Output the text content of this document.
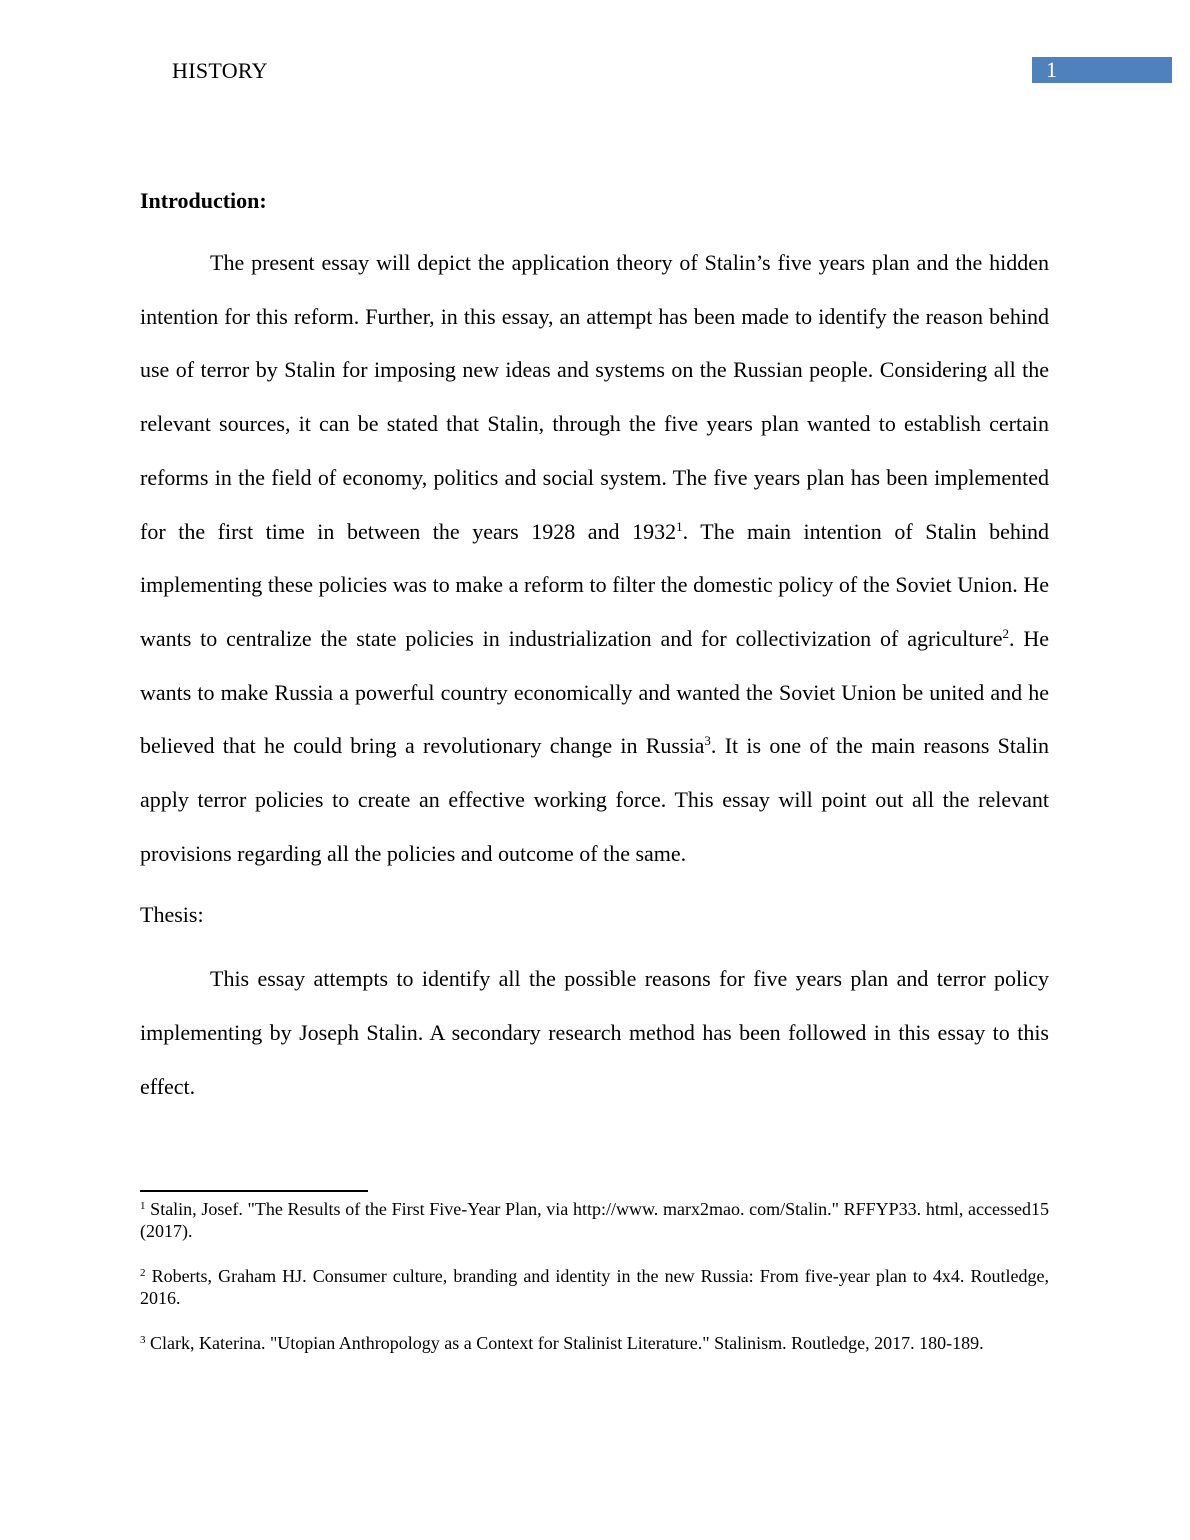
HISTORY	1

Introduction:

The present essay will depict the application theory of Stalin’s five years plan and the hidden intention for this reform. Further, in this essay, an attempt has been made to identify the reason behind use of terror by Stalin for imposing new ideas and systems on the Russian people. Considering all the relevant sources, it can be stated that Stalin, through the five years plan wanted to establish certain reforms in the field of economy, politics and social system. The five years plan has been implemented for the first time in between the years 1928 and 1932$^1$. The main intention of Stalin behind implementing these policies was to make a reform to filter the domestic policy of the Soviet Union. He wants to centralize the state policies in industrialization and for collectivization of agriculture$^2$. He wants to make Russia a powerful country economically and wanted the Soviet Union be united and he believed that he could bring a revolutionary change in Russia$^3$. It is one of the main reasons Stalin apply terror policies to create an effective working force. This essay will point out all the relevant provisions regarding all the policies and outcome of the same.

Thesis:

This essay attempts to identify all the possible reasons for five years plan and terror policy implementing by Joseph Stalin. A secondary research method has been followed in this essay to this effect.

$^1$ Stalin, Josef. "The Results of the First Five-Year Plan, via http://www. marx2mao. com/Stalin." RFFYP33. html, accessed15 (2017).

$^2$ Roberts, Graham HJ. Consumer culture, branding and identity in the new Russia: From five-year plan to 4x4. Routledge, 2016.

$^3$ Clark, Katerina. "Utopian Anthropology as a Context for Stalinist Literature." Stalinism. Routledge, 2017. 180-189.
